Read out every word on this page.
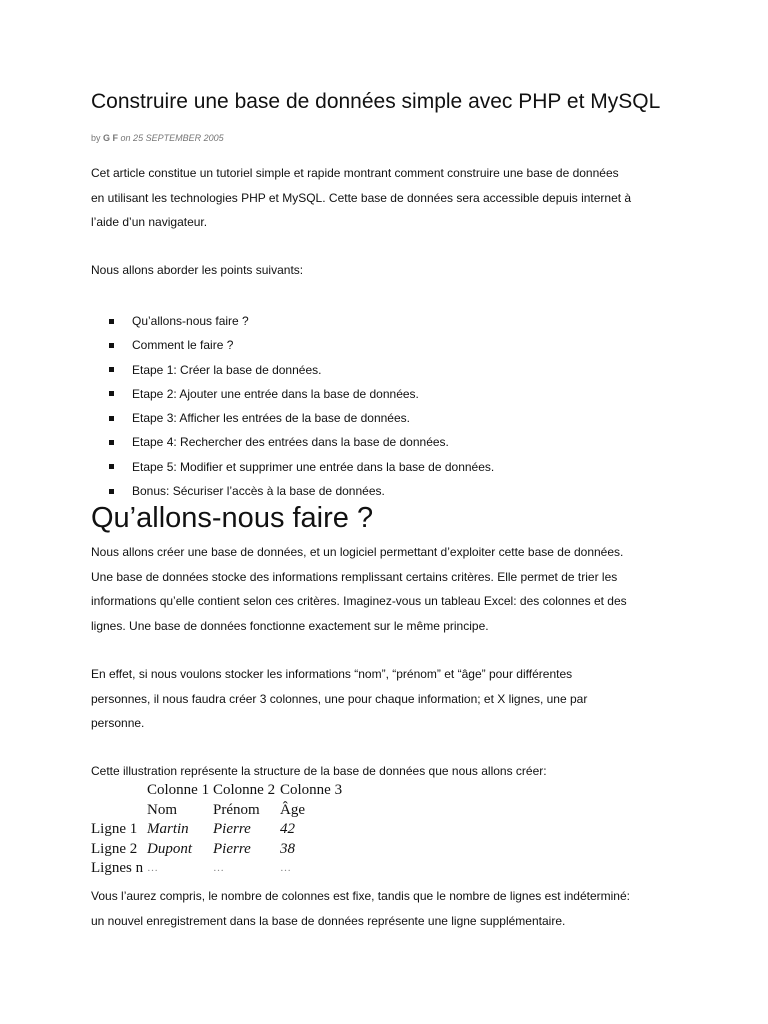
Construire une base de données simple avec PHP et MySQL
by G F on 25 SEPTEMBER 2005

Cet article constitue un tutoriel simple et rapide montrant comment construire une base de données
en utilisant les technologies PHP et MySQL. Cette base de données sera accessible depuis internet à
l’aide d’un navigateur.

Nous allons aborder les points suivants:

Qu’allons-nous faire ?
Comment le faire ?
Etape 1: Créer la base de données.
Etape 2: Ajouter une entrée dans la base de données.
Etape 3: Afficher les entrées de la base de données.
Etape 4: Rechercher des entrées dans la base de données.
Etape 5: Modifier et supprimer une entrée dans la base de données.
Bonus: Sécuriser l’accès à la base de données.
Qu’allons-nous faire ?

Nous allons créer une base de données, et un logiciel permettant d’exploiter cette base de données.
Une base de données stocke des informations remplissant certains critères. Elle permet de trier les
informations qu’elle contient selon ces critères. Imaginez-vous un tableau Excel: des colonnes et des
lignes. Une base de données fonctionne exactement sur le même principe.

En effet, si nous voulons stocker les informations “nom”, “prénom” et “âge” pour différentes
personnes, il nous faudra créer 3 colonnes, une pour chaque information; et X lignes, une par
personne.

Cette illustration représente la structure de la base de données que nous allons créer:

Colonne 1 Colonne 2 Colonne 3
Nom Prénom Âge
Ligne 1 Martin Pierre 42
Ligne 2 Dupont Pierre 38
Lignes n …	…	…

Vous l’aurez compris, le nombre de colonnes est fixe, tandis que le nombre de lignes est indéterminé:
un nouvel enregistrement dans la base de données représente une ligne supplémentaire.
